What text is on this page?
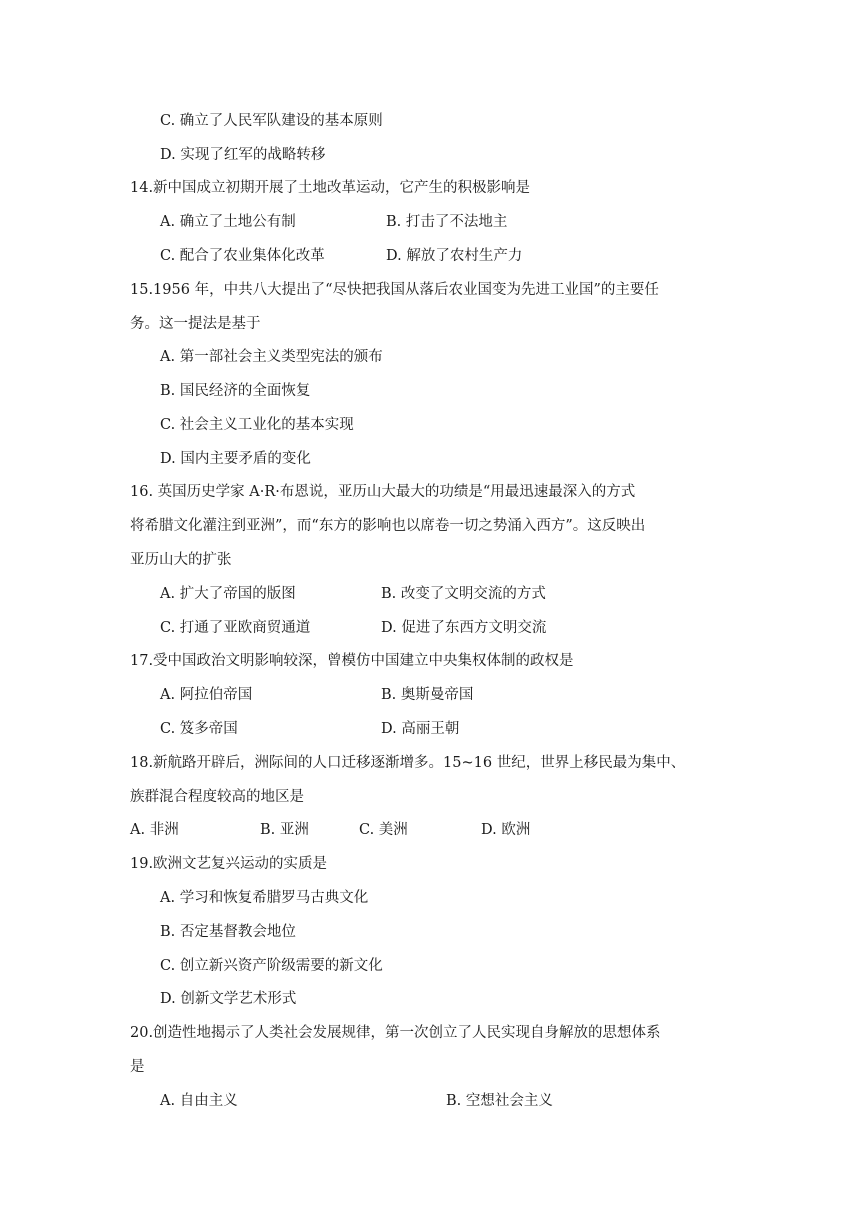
C. 确立了人民军队建设的基本原则
D. 实现了红军的战略转移
14.新中国成立初期开展了土地改革运动，它产生的积极影响是
A. 确立了土地公有制	B. 打击了不法地主
C. 配合了农业集体化改革	D. 解放了农村生产力
15.1956 年，中共八大提出了“尽快把我国从落后农业国变为先进工业国”的主要任
务。这一提法是基于
A. 第一部社会主义类型宪法的颁布
B. 国民经济的全面恢复
C. 社会主义工业化的基本实现
D. 国内主要矛盾的变化
16. 英国历史学家 A·R·布恩说，亚历山大最大的功绩是“用最迅速最深入的方式
将希腊文化灌注到亚洲”，而“东方的影响也以席卷一切之势涌入西方”。这反映出
亚历山大的扩张
A. 扩大了帝国的版图	B. 改变了文明交流的方式
C. 打通了亚欧商贸通道	D. 促进了东西方文明交流
17.受中国政治文明影响较深，曾模仿中国建立中央集权体制的政权是
A. 阿拉伯帝国	B. 奥斯曼帝国
C. 笈多帝国	D. 高丽王朝
18.新航路开辟后，洲际间的人口迁移逐渐增多。15~16 世纪，世界上移民最为集中、
族群混合程度较高的地区是
A. 非洲	B. 亚洲	C. 美洲	D. 欧洲
19.欧洲文艺复兴运动的实质是
A. 学习和恢复希腊罗马古典文化
B. 否定基督教会地位
C. 创立新兴资产阶级需要的新文化
D. 创新文学艺术形式
20.创造性地揭示了人类社会发展规律，第一次创立了人民实现自身解放的思想体系
是
A. 自由主义	B. 空想社会主义
